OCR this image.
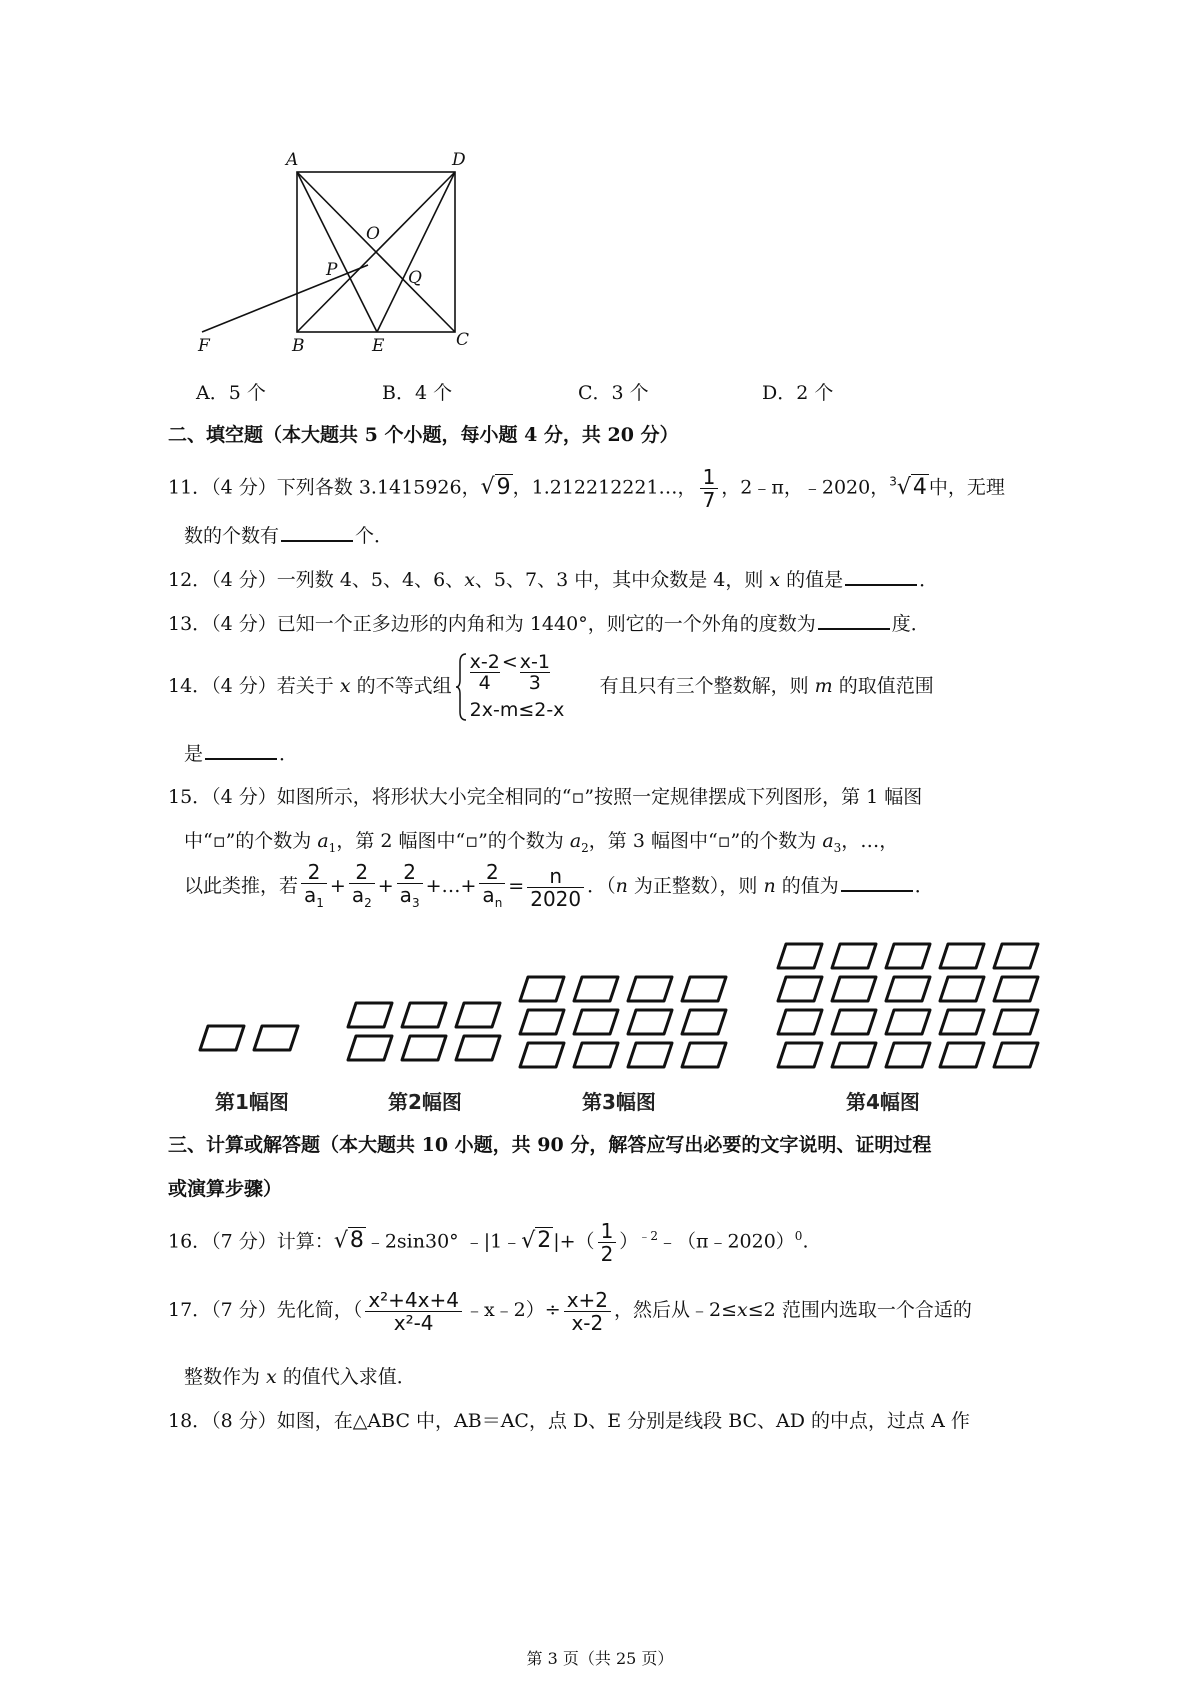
A	D
O
P	Q
F	B	E	C
A．5 个	B．4 个	C．3 个	D．2 个
二、填空题（本大题共 5 个小题，每小题 4 分，共 20 分）
11．（4 分）下列各数 3.1415926，√9 ，1.212212221…， $\frac{1}{7}$ ，2﹣π，﹣2020，$^3$√4 中，无理
数的个数有	个．
12．（4 分）一列数 4、5、4、6、x、5、7、3 中，其中众数是 4，则 x 的值是	．
13．（4 分）已知一个正多边形的内角和为 1440°，则它的一个外角的度数为	度．
14．（4 分）若关于 x 的不等式组 $\frac{x-2}{4} < \frac{x-1}{3}$
2x-m≤2-x
有且只有三个整数解，则 m 的取值范围
是	．
15．（4 分）如图所示，将形状大小完全相同的“▫”按照一定规律摆成下列图形，第 1 幅图
中“▫”的个数为 $a_1$，第 2 幅图中“▫”的个数为 $a_2$，第 3 幅图中“▫”的个数为 $a_3$，…，
以此类推，若 $\frac{2}{a_1} + \frac{2}{a_2} + \frac{2}{a_3}$ +…+ $\frac{2}{a_n} = \frac{n}{2020}$ ．（n 为正整数），则 n 的值为	．
第1幅图	第2幅图	第3幅图	第4幅图
三、计算或解答题（本大题共 10 小题，共 90 分，解答应写出必要的文字说明、证明过程
或演算步骤）
16．（7 分）计算：√8 ﹣2sin30° ﹣|1﹣√2 |+（ $\frac{1}{2}$ ）$^{﹣2}$﹣（π﹣2020）$^0$.
17．（7 分）先化简，（ $\frac{\text{x²+4x+4}}{\text{x²-4}}$ ﹣x﹣2）÷ $\frac{x+2}{x-2}$ ，然后从﹣2≤x≤2 范围内选取一个合适的
整数作为 x 的值代入求值．
18．（8 分）如图，在△ABC 中，AB＝AC，点 D、E 分别是线段 BC、AD 的中点，过点 A 作
第 3 页（共 25 页）
